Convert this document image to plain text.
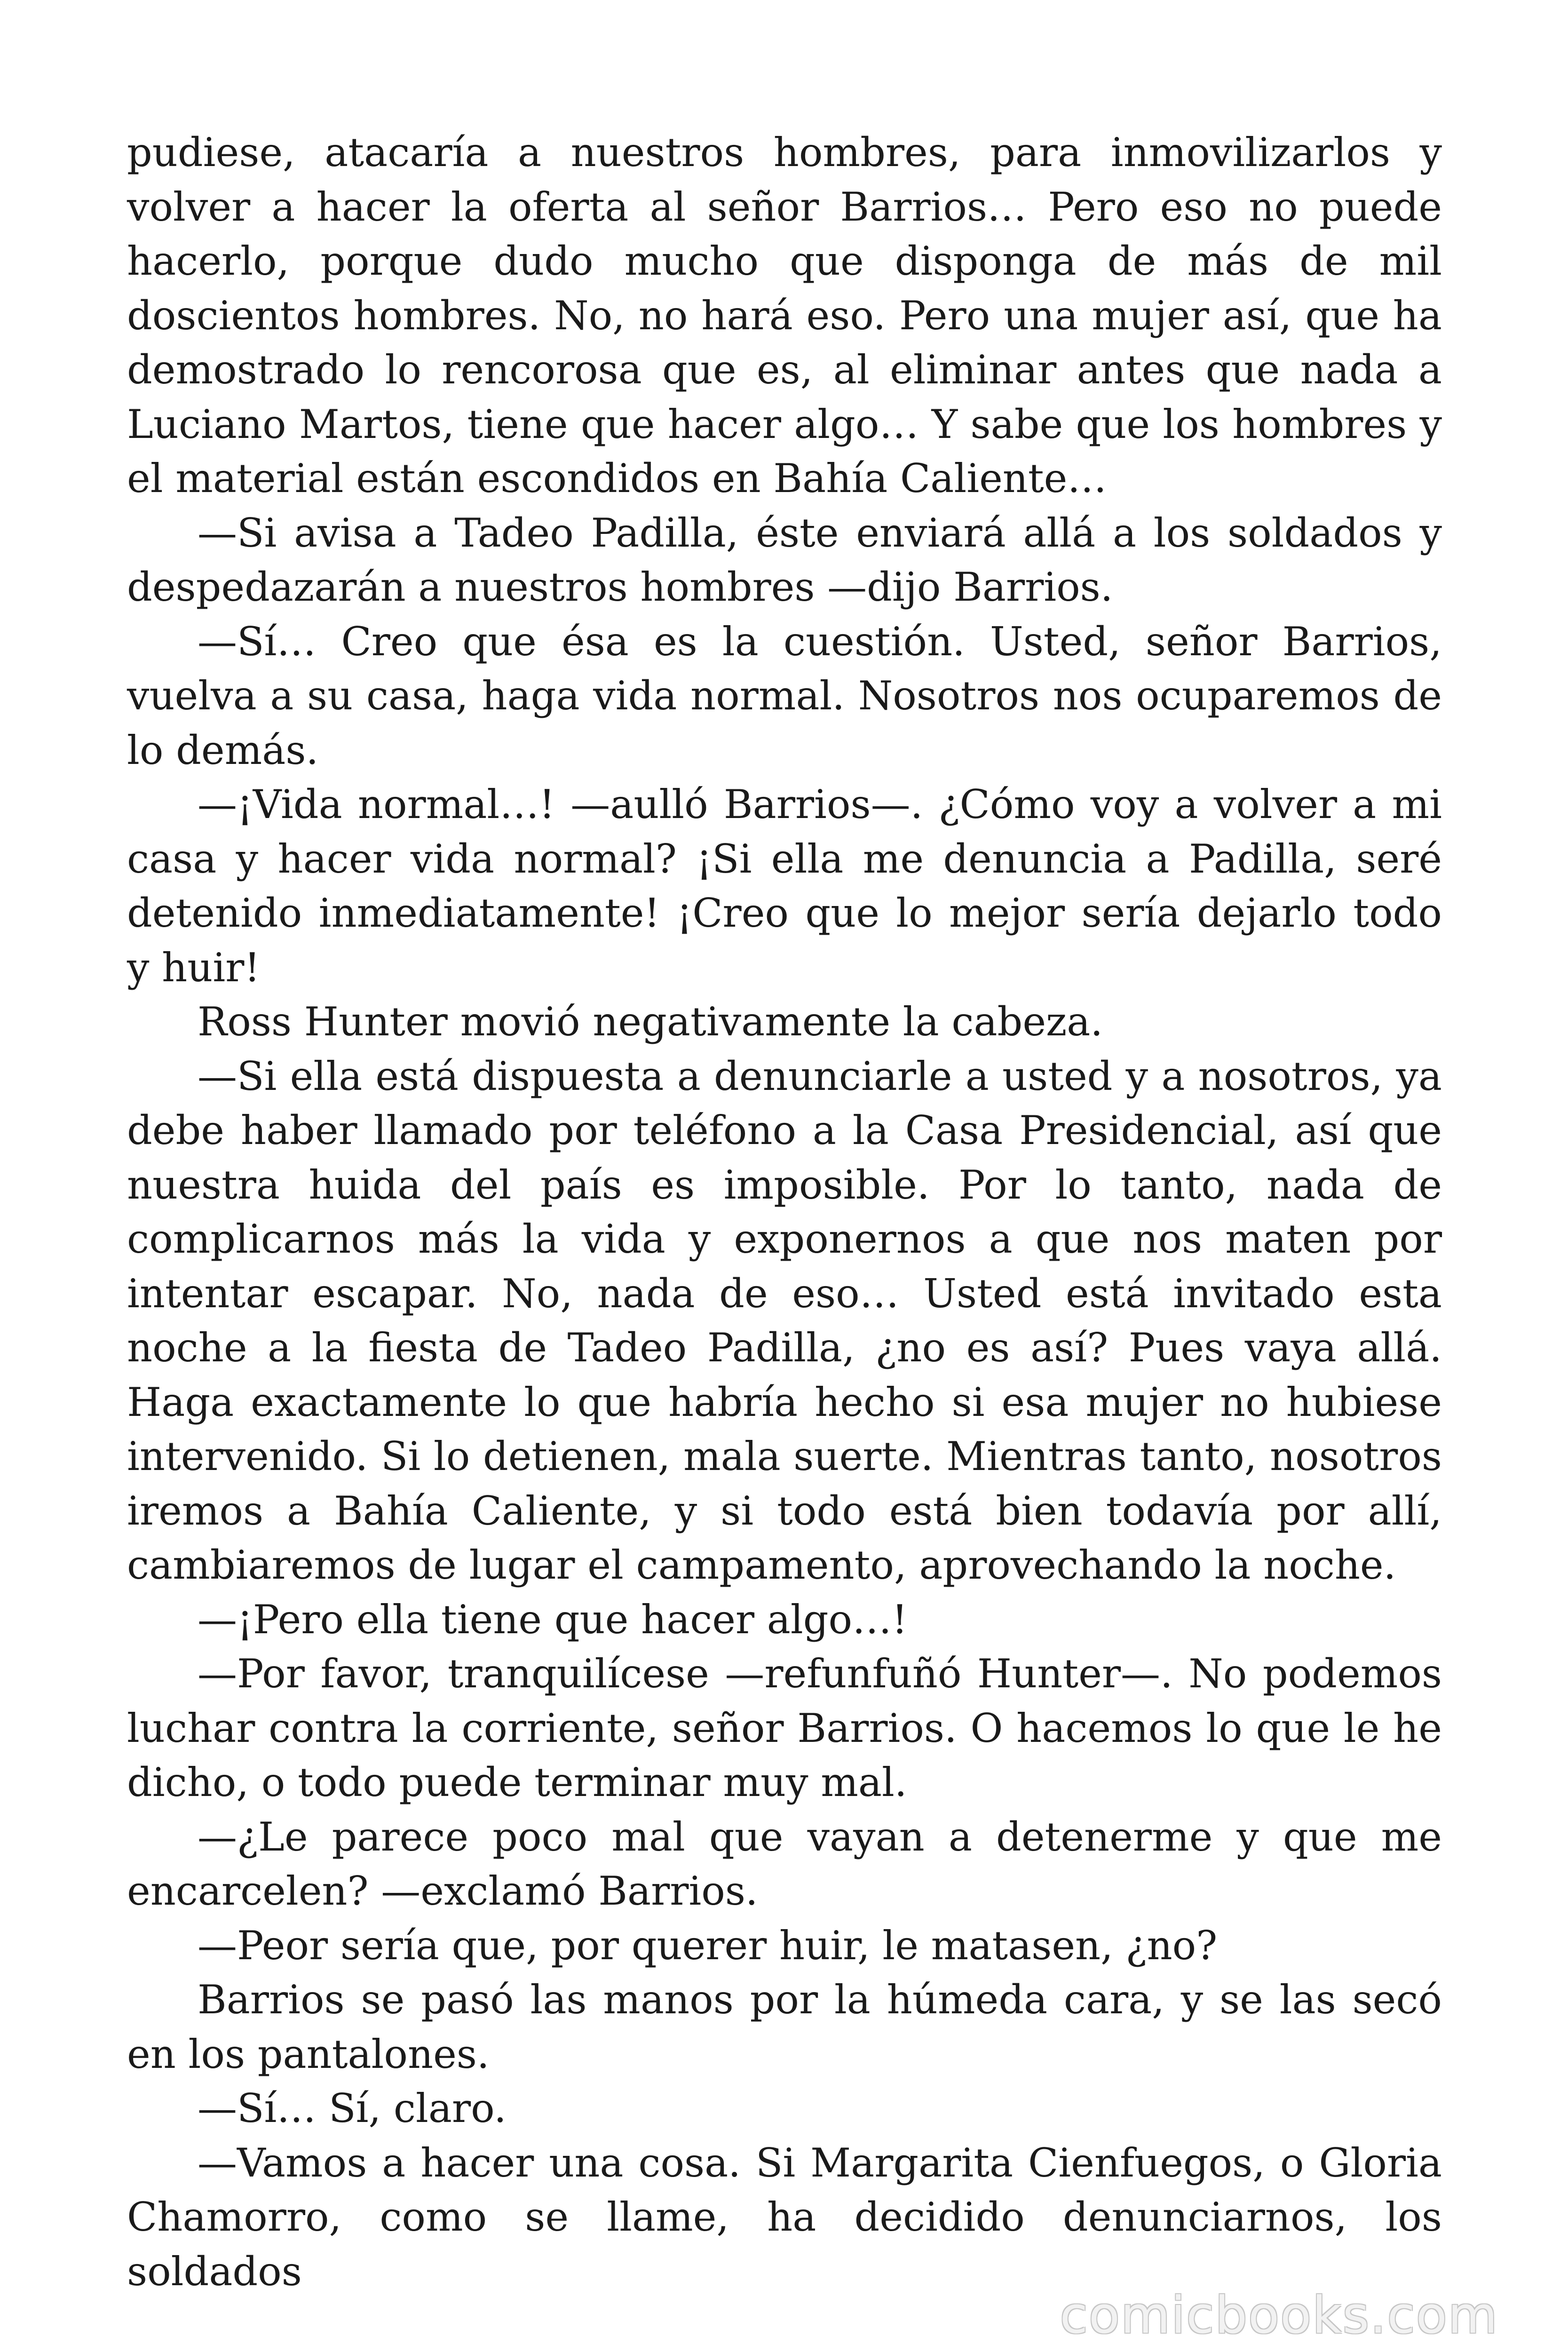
pudiese, atacaría a nuestros hombres, para inmovilizarlos y volver a hacer la oferta al señor Barrios… Pero eso no puede hacerlo, porque dudo mucho que disponga de más de mil doscientos hombres. No, no hará eso. Pero una mujer así, que ha demostrado lo rencorosa que es, al eliminar antes que nada a Luciano Martos, tiene que hacer algo… Y sabe que los hombres y el material están escondidos en Bahía Caliente…

—Si avisa a Tadeo Padilla, éste enviará allá a los soldados y despedazarán a nuestros hombres —dijo Barrios.

—Sí… Creo que ésa es la cuestión. Usted, señor Barrios, vuelva a su casa, haga vida normal. Nosotros nos ocuparemos de lo demás.

—¡Vida normal…! —aulló Barrios—. ¿Cómo voy a volver a mi casa y hacer vida normal? ¡Si ella me denuncia a Padilla, seré detenido inmediatamente! ¡Creo que lo mejor sería dejarlo todo y huir!

Ross Hunter movió negativamente la cabeza.

—Si ella está dispuesta a denunciarle a usted y a nosotros, ya debe haber llamado por teléfono a la Casa Presidencial, así que nuestra huida del país es imposible. Por lo tanto, nada de complicarnos más la vida y exponernos a que nos maten por intentar escapar. No, nada de eso… Usted está invitado esta noche a la fiesta de Tadeo Padilla, ¿no es así? Pues vaya allá. Haga exactamente lo que habría hecho si esa mujer no hubiese intervenido. Si lo detienen, mala suerte. Mientras tanto, nosotros iremos a Bahía Caliente, y si todo está bien todavía por allí, cambiaremos de lugar el campamento, aprovechando la noche.

—¡Pero ella tiene que hacer algo…!

—Por favor, tranquilícese —refunfuñó Hunter—. No podemos luchar contra la corriente, señor Barrios. O hacemos lo que le he dicho, o todo puede terminar muy mal.

—¿Le parece poco mal que vayan a detenerme y que me encarcelen? —exclamó Barrios.

—Peor sería que, por querer huir, le matasen, ¿no?

Barrios se pasó las manos por la húmeda cara, y se las secó en los pantalones.

—Sí… Sí, claro.

—Vamos a hacer una cosa. Si Margarita Cienfuegos, o Gloria Chamorro, como se llame, ha decidido denunciarnos, los soldados

comicbooks.com
